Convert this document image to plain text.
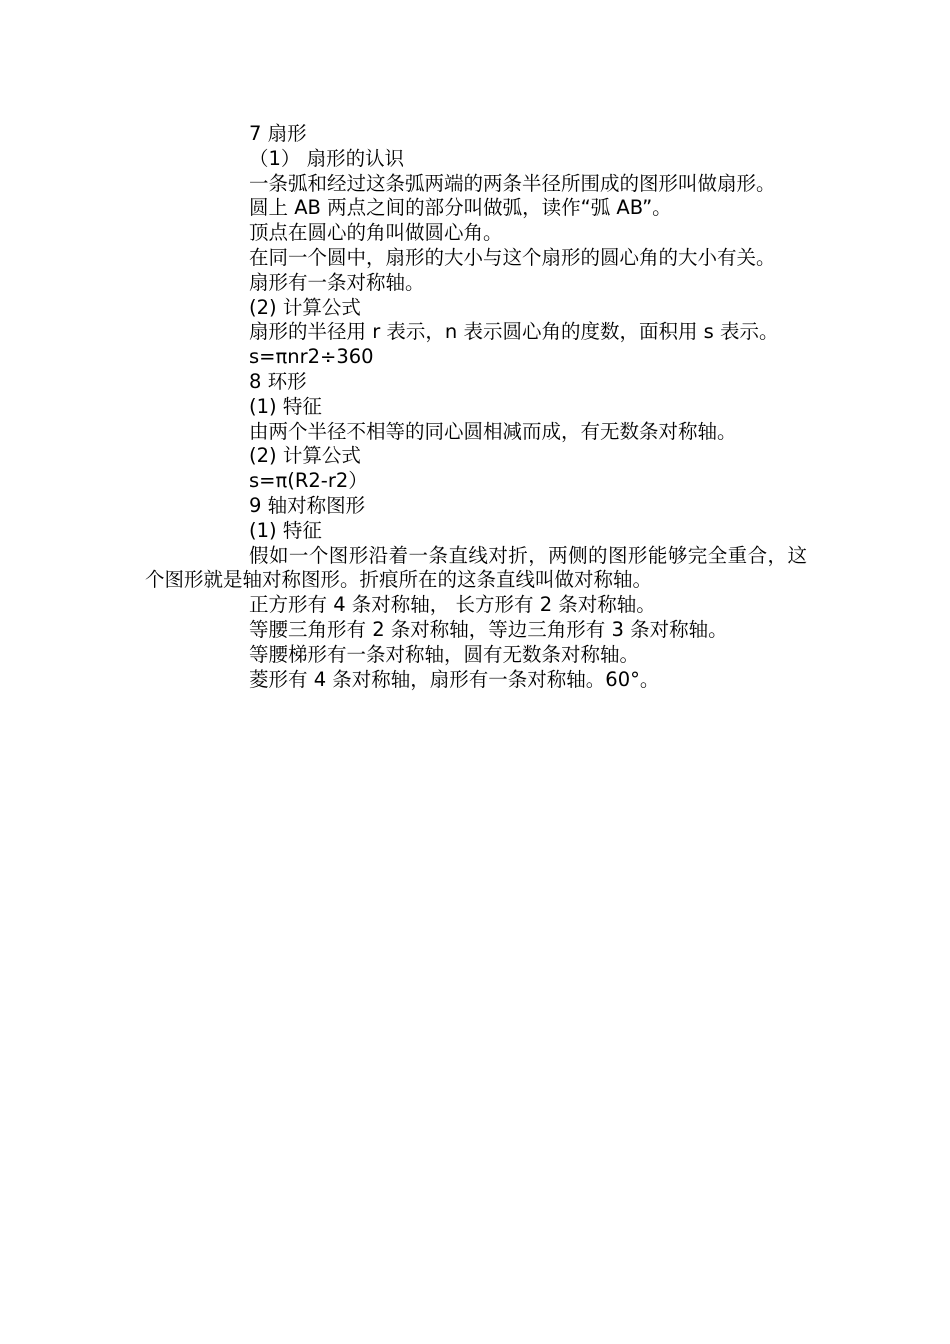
7 扇形

（1） 扇形的认识

一条弧和经过这条弧两端的两条半径所围成的图形叫做扇形。

圆上 AB 两点之间的部分叫做弧，读作“弧 AB”。

顶点在圆心的角叫做圆心角。

在同一个圆中，扇形的大小与这个扇形的圆心角的大小有关。

扇形有一条对称轴。

(2) 计算公式

扇形的半径用 r 表示，n 表示圆心角的度数，面积用 s 表示。

s=πnr2÷360

8 环形

(1) 特征

由两个半径不相等的同心圆相减而成，有无数条对称轴。

(2) 计算公式

s=π(R2-r2）

9 轴对称图形

(1) 特征

假如一个图形沿着一条直线对折，两侧的图形能够完全重合，这个图形就是轴对称图形。折痕所在的这条直线叫做对称轴。

正方形有 4 条对称轴， 长方形有 2 条对称轴。

等腰三角形有 2 条对称轴，等边三角形有 3 条对称轴。

等腰梯形有一条对称轴，圆有无数条对称轴。

菱形有 4 条对称轴，扇形有一条对称轴。60°。
